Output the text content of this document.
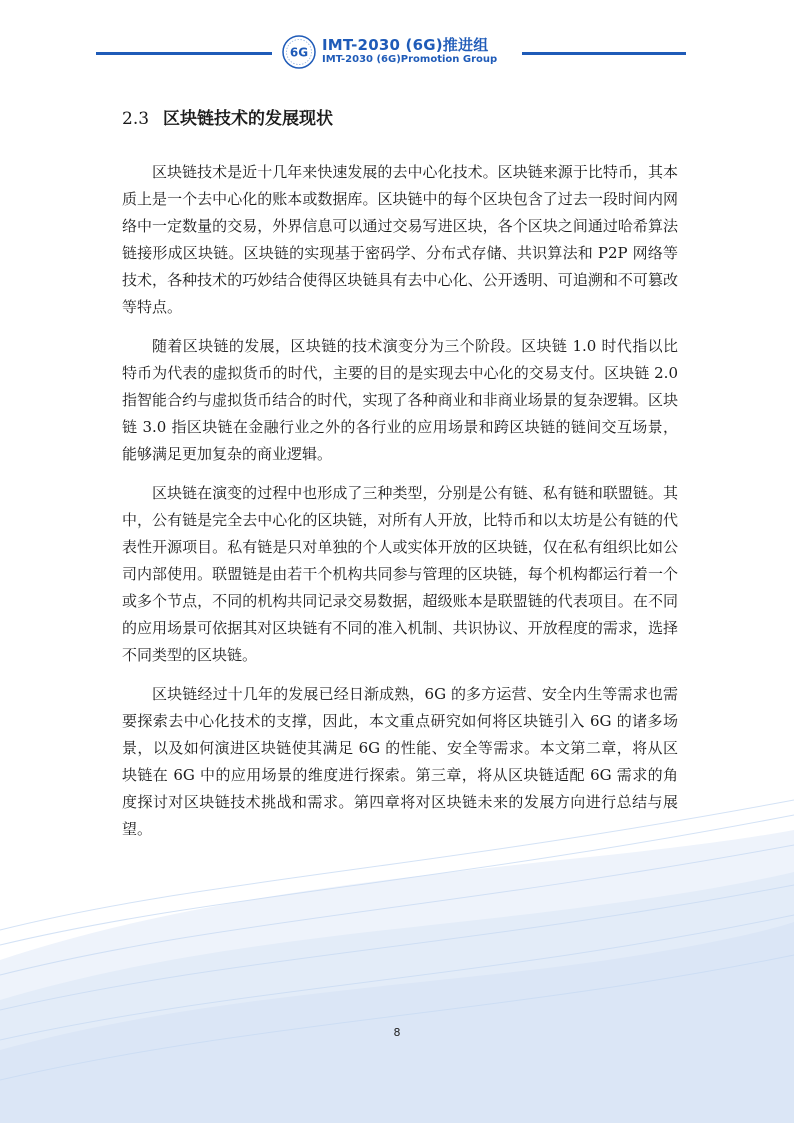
6G IMT-2030 (6G)推进组
IMT-2030 (6G)Promotion Group
2.3 区块链技术的发展现状

区块链技术是近十几年来快速发展的去中心化技术。区块链来源于比特币，其本质上是一个去中心化的账本或数据库。区块链中的每个区块包含了过去一段时间内网络中一定数量的交易，外界信息可以通过交易写进区块，各个区块之间通过哈希算法链接形成区块链。区块链的实现基于密码学、分布式存储、共识算法和 P2P 网络等技术，各种技术的巧妙结合使得区块链具有去中心化、公开透明、可追溯和不可篡改等特点。

随着区块链的发展，区块链的技术演变分为三个阶段。区块链 1.0 时代指以比特币为代表的虚拟货币的时代，主要的目的是实现去中心化的交易支付。区块链 2.0 指智能合约与虚拟货币结合的时代，实现了各种商业和非商业场景的复杂逻辑。区块链 3.0 指区块链在金融行业之外的各行业的应用场景和跨区块链的链间交互场景，能够满足更加复杂的商业逻辑。

区块链在演变的过程中也形成了三种类型，分别是公有链、私有链和联盟链。其中，公有链是完全去中心化的区块链，对所有人开放，比特币和以太坊是公有链的代表性开源项目。私有链是只对单独的个人或实体开放的区块链，仅在私有组织比如公司内部使用。联盟链是由若干个机构共同参与管理的区块链，每个机构都运行着一个或多个节点，不同的机构共同记录交易数据，超级账本是联盟链的代表项目。在不同的应用场景可依据其对区块链有不同的准入机制、共识协议、开放程度的需求，选择不同类型的区块链。

区块链经过十几年的发展已经日渐成熟，6G 的多方运营、安全内生等需求也需要探索去中心化技术的支撑，因此，本文重点研究如何将区块链引入 6G 的诸多场景，以及如何演进区块链使其满足 6G 的性能、安全等需求。本文第二章，将从区块链在 6G 中的应用场景的维度进行探索。第三章，将从区块链适配 6G 需求的角度探讨对区块链技术挑战和需求。第四章将对区块链未来的发展方向进行总结与展望。

8
